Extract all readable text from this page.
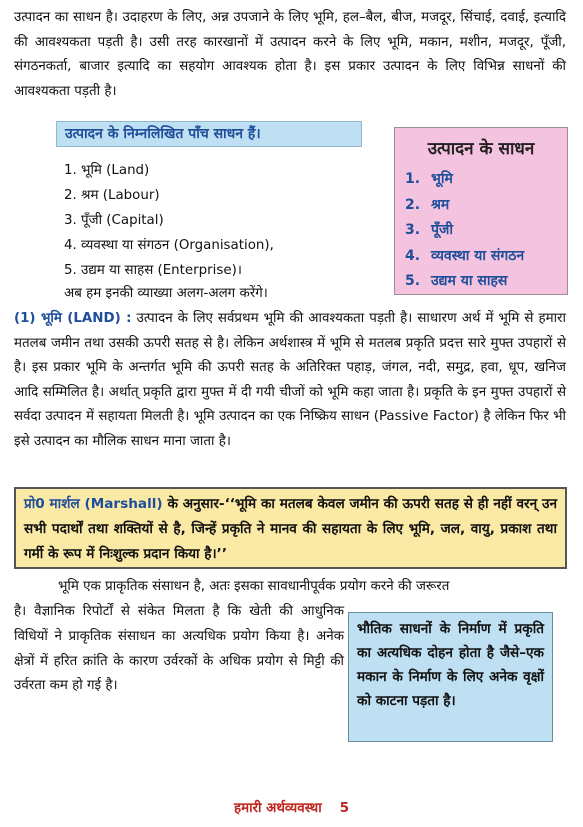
उत्पादन का साधन है। उदाहरण के लिए, अन्न उपजाने के लिए भूमि, हल–बैल, बीज, मजदूर, सिंचाई, दवाई, इत्यादि की आवश्यकता पड़ती है। उसी तरह कारखानों में उत्पादन करने के लिए भूमि, मकान, मशीन, मजदूर, पूँजी, संगठनकर्ता, बाजार इत्यादि का सहयोग आवश्यक होता है। इस प्रकार उत्पादन के लिए विभिन्न साधनों की आवश्यकता पड़ती है।

उत्पादन के निम्नलिखित पाँच साधन हैं।
1. भूमि (Land)
2. श्रम (Labour)
3. पूँजी (Capital)
4. व्यवस्था या संगठन (Organisation),
5. उद्यम या साहस (Enterprise)।
अब हम इनकी व्याख्या अलग-अलग करेंगे।
उत्पादन के साधन
1. भूमि
2. श्रम
3. पूँजी
4. व्यवस्था या संगठन
5. उद्यम या साहस

(1) भूमि (LAND) : उत्पादन के लिए सर्वप्रथम भूमि की आवश्यकता पड़ती है। साधारण अर्थ में भूमि से हमारा मतलब जमीन तथा उसकी ऊपरी सतह से है। लेकिन अर्थशास्त्र में भूमि से मतलब प्रकृति प्रदत्त सारे मुफ्त उपहारों से है। इस प्रकार भूमि के अन्तर्गत भूमि की ऊपरी सतह के अतिरिक्त पहाड़, जंगल, नदी, समुद्र, हवा, धूप, खनिज आदि सम्मिलित है। अर्थात् प्रकृति द्वारा मुफ्त में दी गयी चीजों को भूमि कहा जाता है। प्रकृति के इन मुफ्त उपहारों से सर्वदा उत्पादन में सहायता मिलती है। भूमि उत्पादन का एक निष्क्रिय साधन (Passive Factor) है लेकिन फिर भी इसे उत्पादन का मौलिक साधन माना जाता है।

प्रो0 मार्शल (Marshall) के अनुसार-‘‘भूमि का मतलब केवल जमीन की ऊपरी सतह से ही नहीं वरन् उन सभी पदार्थों तथा शक्तियों से है, जिन्हें प्रकृति ने मानव की सहायता के लिए भूमि, जल, वायु, प्रकाश तथा गर्मी के रूप में निःशुल्क प्रदान किया है।’’

भूमि एक प्राकृतिक संसाधन है, अतः इसका सावधानीपूर्वक प्रयोग करने की जरूरत

है। वैज्ञानिक रिपोर्टों से संकेत मिलता है कि खेती की आधुनिक विधियों ने प्राकृतिक संसाधन का अत्यधिक प्रयोग किया है। अनेक क्षेत्रों में हरित क्रांति के कारण उर्वरकों के अधिक प्रयोग से मिट्टी की उर्वरता कम हो गई है।

भौतिक साधनों के निर्माण में प्रकृति का अत्यधिक दोहन होता है जैसे–एक मकान के निर्माण के लिए अनेक वृक्षों को काटना पड़ता है।
हमारी अर्थव्यवस्था 5
